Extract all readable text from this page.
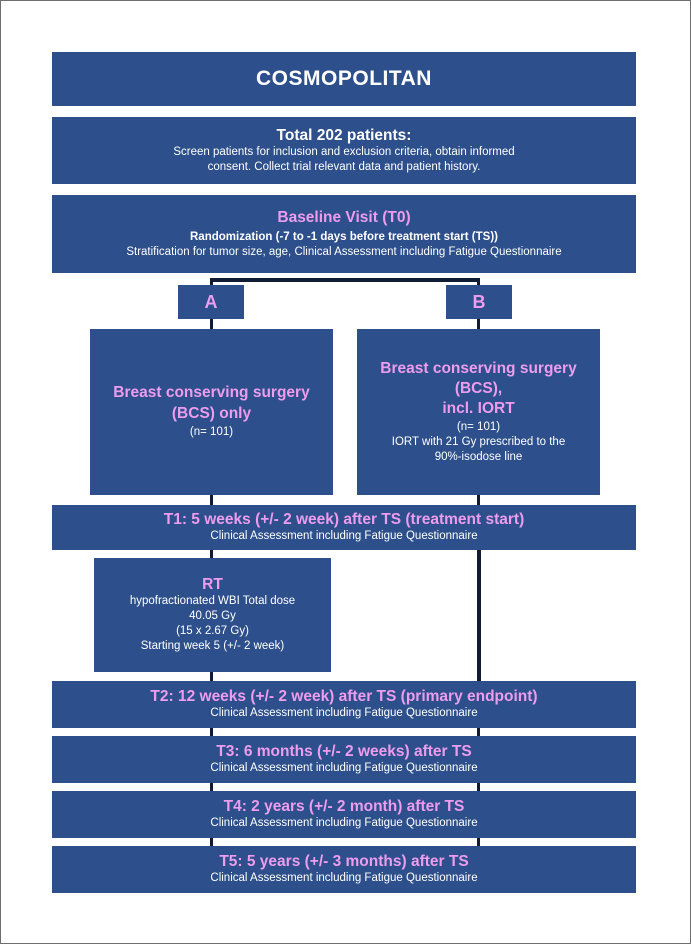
COSMOPOLITAN
Total 202 patients:
Screen patients for inclusion and exclusion criteria, obtain informed
consent. Collect trial relevant data and patient history.
Baseline Visit (T0)
Randomization (-7 to -1 days before treatment start (TS))
Stratification for tumor size, age, Clinical Assessment including Fatigue Questionnaire
A	B
Breast conserving surgery
(BCS) only
(n= 101)
Breast conserving surgery
(BCS),
incl. IORT
(n= 101)
IORT with 21 Gy prescribed to the
90%-isodose line
T1: 5 weeks (+/- 2 week) after TS (treatment start)
Clinical Assessment including Fatigue Questionnaire
RT
hypofractionated WBI Total dose
40.05 Gy
(15 x 2.67 Gy)
Starting week 5 (+/- 2 week)
T2: 12 weeks (+/- 2 week) after TS (primary endpoint)
Clinical Assessment including Fatigue Questionnaire
T3: 6 months (+/- 2 weeks) after TS
Clinical Assessment including Fatigue Questionnaire
T4: 2 years (+/- 2 month) after TS
Clinical Assessment including Fatigue Questionnaire
T5: 5 years (+/- 3 months) after TS
Clinical Assessment including Fatigue Questionnaire
